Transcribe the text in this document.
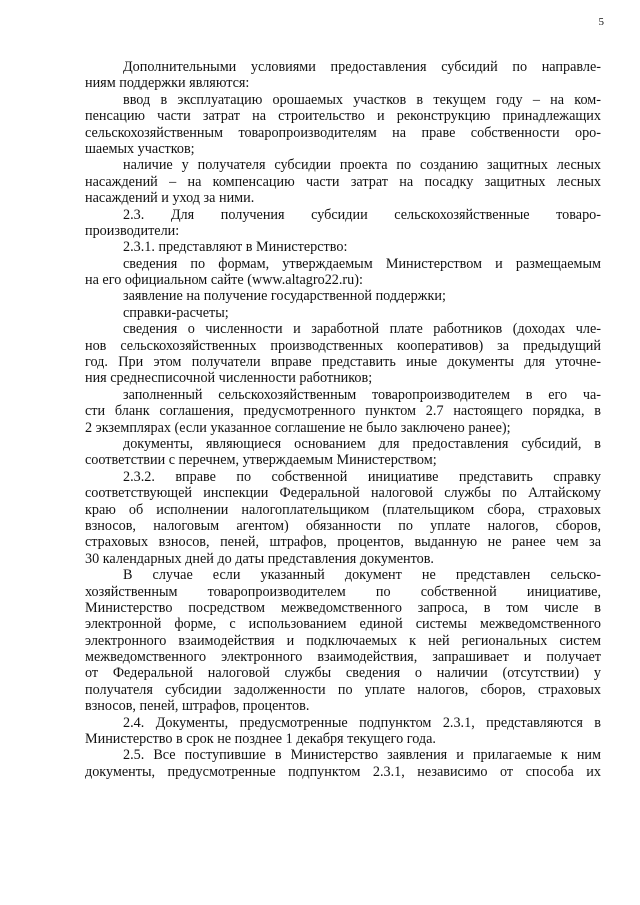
5
Дополнительными условиями предоставления субсидий по направле-
ниям поддержки являются:
ввод в эксплуатацию орошаемых участков в текущем году – на ком-
пенсацию части затрат на строительство и реконструкцию принадлежащих
сельскохозяйственным товаропроизводителям на праве собственности оро-
шаемых участков;
наличие у получателя субсидии проекта по созданию защитных лесных
насаждений – на компенсацию части затрат на посадку защитных лесных
насаждений и уход за ними.
2.3. Для получения субсидии сельскохозяйственные товаро-
производители:
2.3.1. представляют в Министерство:
сведения по формам, утверждаемым Министерством и размещаемым
на его официальном сайте (www.altagro22.ru):
заявление на получение государственной поддержки;
справки-расчеты;
сведения о численности и заработной плате работников (доходах чле-
нов сельскохозяйственных производственных кооперативов) за предыдущий
год. При этом получатели вправе представить иные документы для уточне-
ния среднесписочной численности работников;
заполненный сельскохозяйственным товаропроизводителем в его ча-
сти бланк соглашения, предусмотренного пунктом 2.7 настоящего порядка, в
2 экземплярах (если указанное соглашение не было заключено ранее);
документы, являющиеся основанием для предоставления субсидий, в
соответствии с перечнем, утверждаемым Министерством;
2.3.2. вправе по собственной инициативе представить справку
соответствующей инспекции Федеральной налоговой службы по Алтайскому
краю об исполнении налогоплательщиком (плательщиком сбора, страховых
взносов, налоговым агентом) обязанности по уплате налогов, сборов,
страховых взносов, пеней, штрафов, процентов, выданную не ранее чем за
30 календарных дней до даты представления документов.
В случае если указанный документ не представлен сельско-
хозяйственным товаропроизводителем по собственной инициативе,
Министерство посредством межведомственного запроса, в том числе в
электронной форме, с использованием единой системы межведомственного
электронного взаимодействия и подключаемых к ней региональных систем
межведомственного электронного взаимодействия, запрашивает и получает
от Федеральной налоговой службы сведения о наличии (отсутствии) у
получателя субсидии задолженности по уплате налогов, сборов, страховых
взносов, пеней, штрафов, процентов.
2.4. Документы, предусмотренные подпунктом 2.3.1, представляются в
Министерство в срок не позднее 1 декабря текущего года.
2.5. Все поступившие в Министерство заявления и прилагаемые к ним
документы, предусмотренные подпунктом 2.3.1, независимо от способа их
